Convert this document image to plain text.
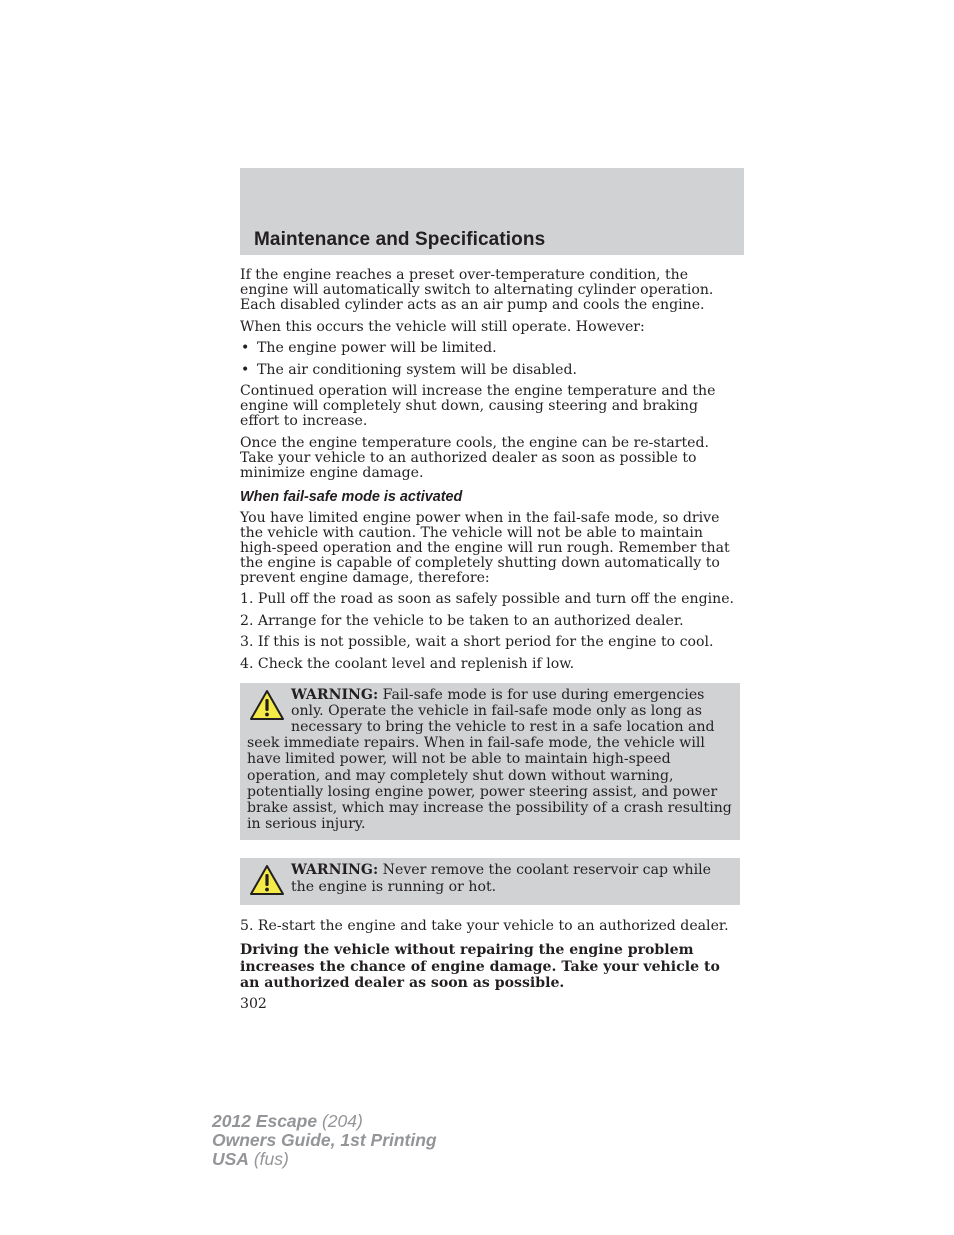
Maintenance and Specifications

If the engine reaches a preset over-temperature condition, the engine will automatically switch to alternating cylinder operation. Each disabled cylinder acts as an air pump and cools the engine.

When this occurs the vehicle will still operate. However:

• The engine power will be limited.
• The air conditioning system will be disabled.

Continued operation will increase the engine temperature and the engine will completely shut down, causing steering and braking effort to increase.

Once the engine temperature cools, the engine can be re-started. Take your vehicle to an authorized dealer as soon as possible to minimize engine damage.

When fail-safe mode is activated

You have limited engine power when in the fail-safe mode, so drive the vehicle with caution. The vehicle will not be able to maintain high-speed operation and the engine will run rough. Remember that the engine is capable of completely shutting down automatically to prevent engine damage, therefore:

1. Pull off the road as soon as safely possible and turn off the engine.

2. Arrange for the vehicle to be taken to an authorized dealer.

3. If this is not possible, wait a short period for the engine to cool.

4. Check the coolant level and replenish if low.

WARNING: Fail-safe mode is for use during emergencies only. Operate the vehicle in fail-safe mode only as long as necessary to bring the vehicle to rest in a safe location and seek immediate repairs. When in fail-safe mode, the vehicle will have limited power, will not be able to maintain high-speed operation, and may completely shut down without warning, potentially losing engine power, power steering assist, and power brake assist, which may increase the possibility of a crash resulting in serious injury.
WARNING: Never remove the coolant reservoir cap while the engine is running or hot.

5. Re-start the engine and take your vehicle to an authorized dealer.

Driving the vehicle without repairing the engine problem increases the chance of engine damage. Take your vehicle to an authorized dealer as soon as possible.

302

2012 Escape (204)
Owners Guide, 1st Printing
USA (fus)
